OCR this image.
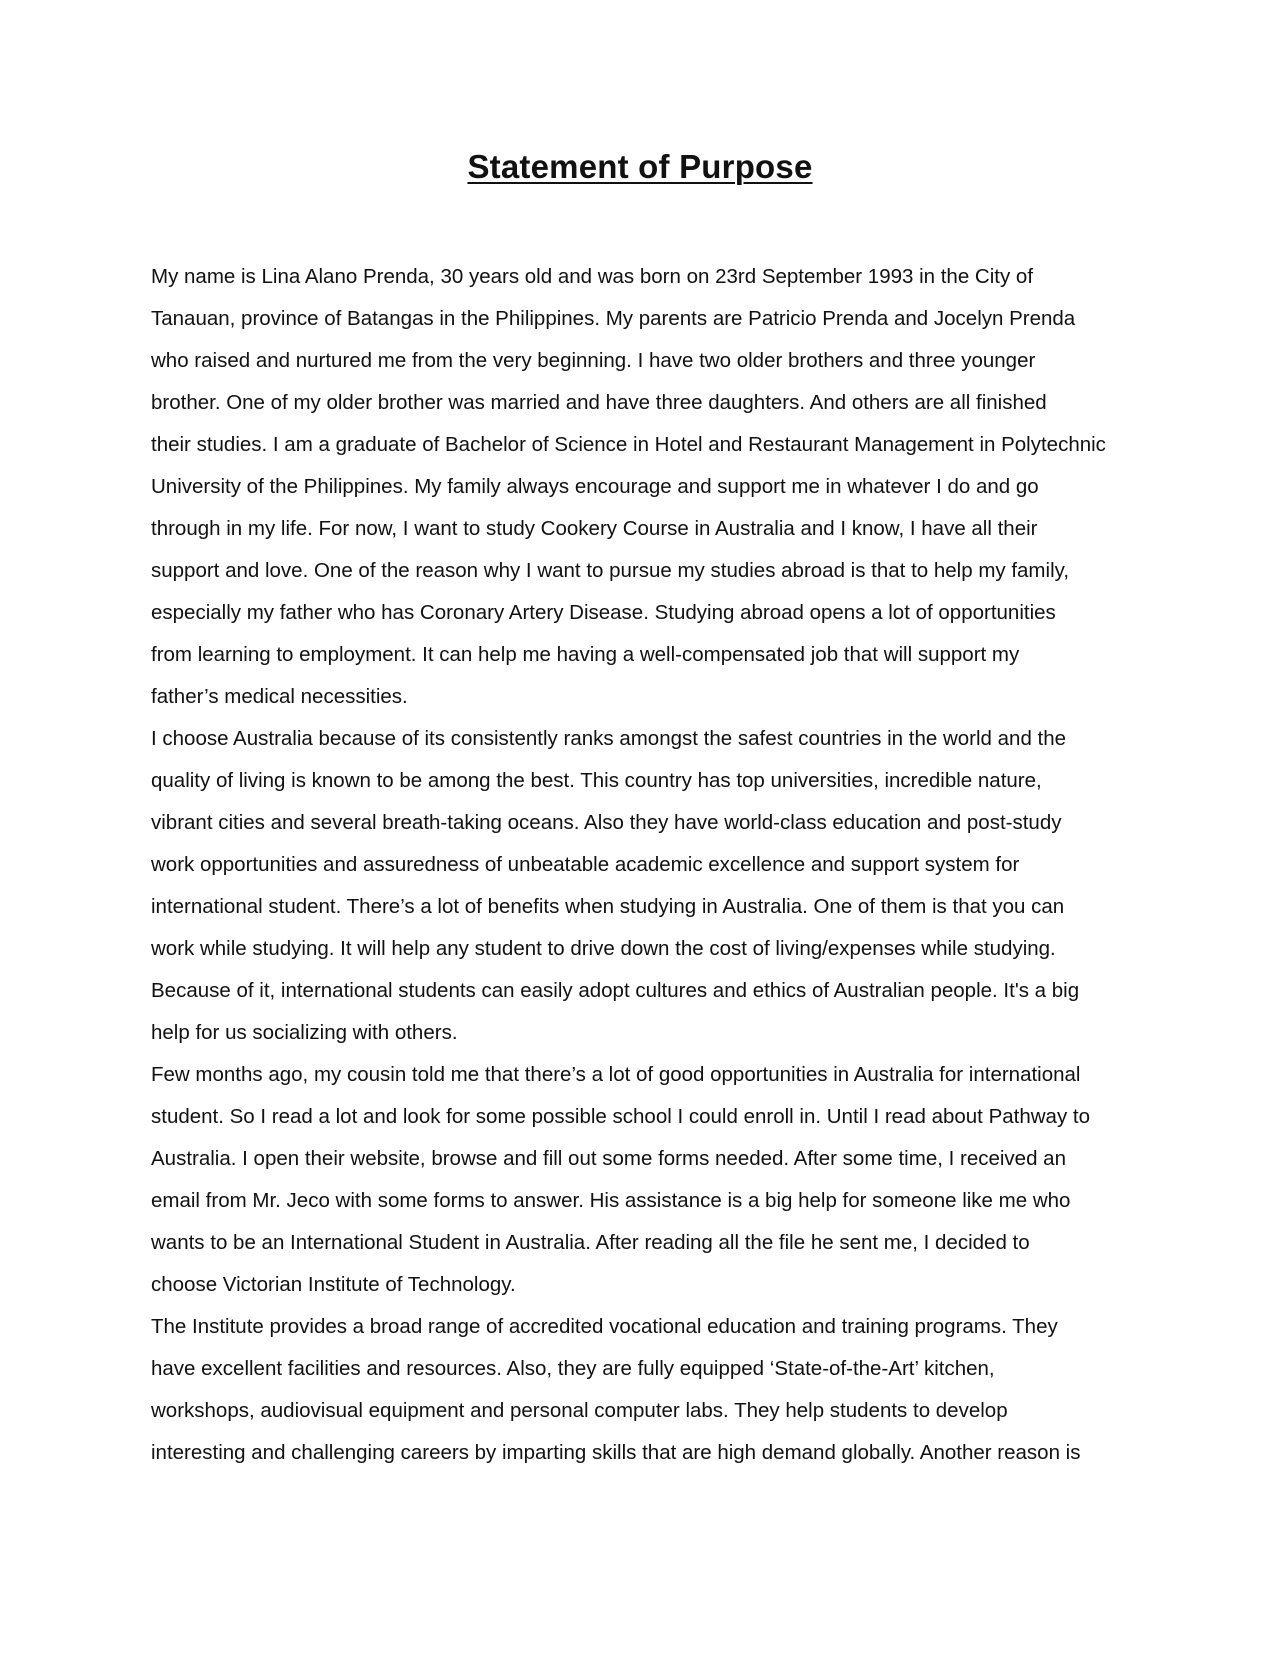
Statement of Purpose
My name is Lina Alano Prenda, 30 years old and was born on 23rd September 1993 in the City of
Tanauan, province of Batangas in the Philippines. My parents are Patricio Prenda and Jocelyn Prenda
who raised and nurtured me from the very beginning. I have two older brothers and three younger
brother. One of my older brother was married and have three daughters. And others are all finished
their studies. I am a graduate of Bachelor of Science in Hotel and Restaurant Management in Polytechnic
University of the Philippines. My family always encourage and support me in whatever I do and go
through in my life. For now, I want to study Cookery Course in Australia and I know, I have all their
support and love. One of the reason why I want to pursue my studies abroad is that to help my family,
especially my father who has Coronary Artery Disease. Studying abroad opens a lot of opportunities
from learning to employment. It can help me having a well-compensated job that will support my
father’s medical necessities.
I choose Australia because of its consistently ranks amongst the safest countries in the world and the
quality of living is known to be among the best. This country has top universities, incredible nature,
vibrant cities and several breath-taking oceans. Also they have world-class education and post-study
work opportunities and assuredness of unbeatable academic excellence and support system for
international student. There’s a lot of benefits when studying in Australia. One of them is that you can
work while studying. It will help any student to drive down the cost of living/expenses while studying.
Because of it, international students can easily adopt cultures and ethics of Australian people. It's a big
help for us socializing with others.
Few months ago, my cousin told me that there’s a lot of good opportunities in Australia for international
student. So I read a lot and look for some possible school I could enroll in. Until I read about Pathway to
Australia. I open their website, browse and fill out some forms needed. After some time, I received an
email from Mr. Jeco with some forms to answer. His assistance is a big help for someone like me who
wants to be an International Student in Australia. After reading all the file he sent me, I decided to
choose Victorian Institute of Technology.
The Institute provides a broad range of accredited vocational education and training programs. They
have excellent facilities and resources. Also, they are fully equipped ‘State-of-the-Art’ kitchen,
workshops, audiovisual equipment and personal computer labs. They help students to develop
interesting and challenging careers by imparting skills that are high demand globally. Another reason is
